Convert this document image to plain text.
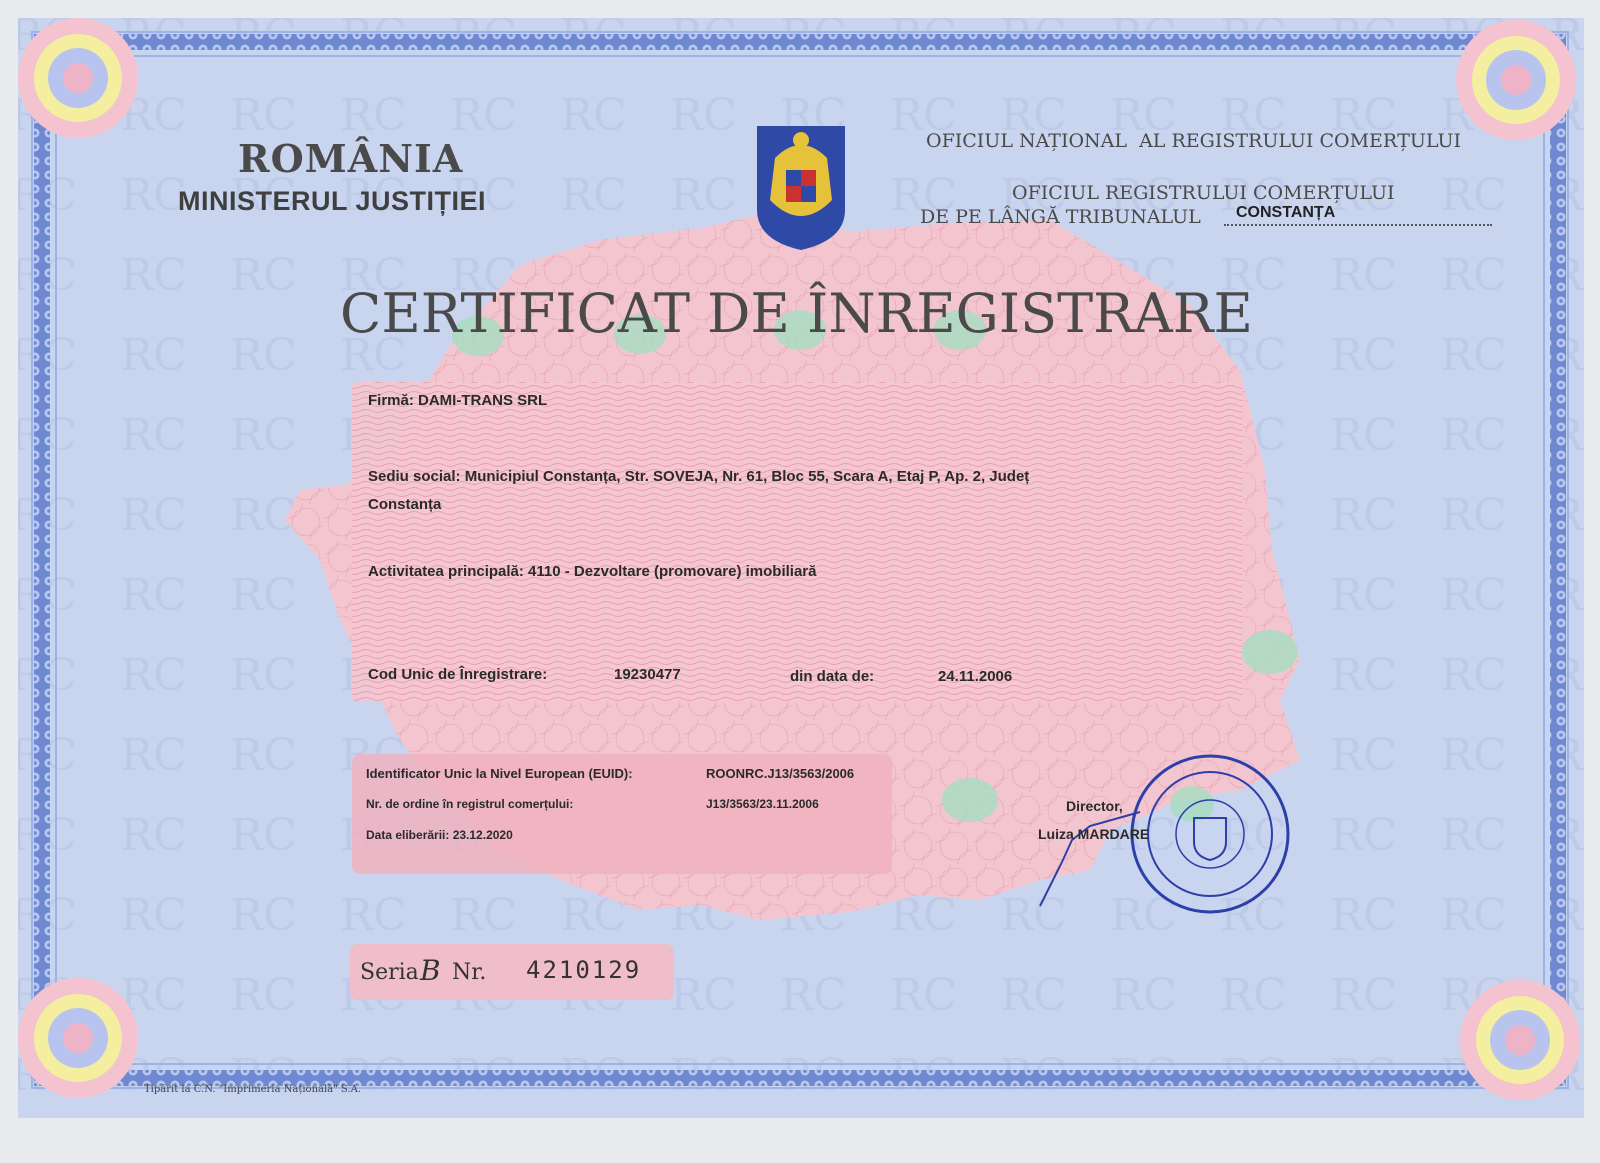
ROMÂNIA
MINISTERUL JUSTIȚIEI
OFICIUL NAȚIONAL  AL REGISTRULUI COMERȚULUI
OFICIUL REGISTRULUI COMERȚULUI
DE PE LÂNGĂ TRIBUNALUL CONSTANȚA
CERTIFICAT DE ÎNREGISTRARE
Firmă: DAMI-TRANS SRL
Sediu social: Municipiul Constanța, Str. SOVEJA, Nr. 61, Bloc 55, Scara A, Etaj P, Ap. 2, Județ
Constanța
Activitatea principală: 4110 - Dezvoltare (promovare) imobiliară
Cod Unic de Înregistrare:	19230477	din data de:	24.11.2006
Identificator Unic la Nivel European (EUID):	ROONRC.J13/3563/2006
Nr. de ordine în registrul comerțului:	J13/3563/23.11.2006
Data eliberării: 23.12.2020
Director,
Luiza MARDARE
Seria B Nr. 4210129
Tipărit la C.N. "Imprimeria Națională" S.A.
